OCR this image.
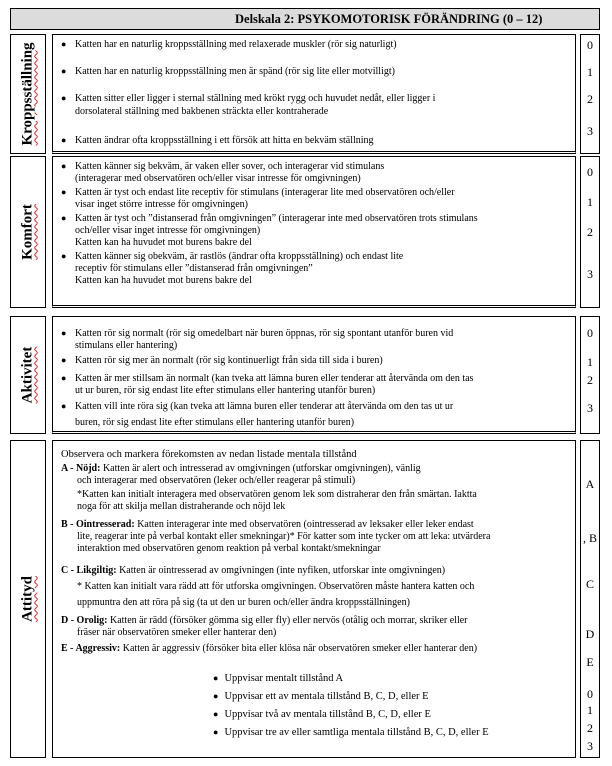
Delskala 2: PSYKOMOTORISK FÖRÄNDRING (0 – 12)
Kroppsställning	● Katten har en naturlig kroppsställning med relaxerade muskler (rör sig naturligt)
● Katten har en naturlig kroppsställning men är spänd (rör sig lite eller motvilligt)
● Katten sitter eller ligger i sternal ställning med krökt rygg och huvudet nedåt, eller ligger i
dorsolateral ställning med bakbenen sträckta eller kontraherade
● Katten ändrar ofta kroppsställning i ett försök att hitta en bekväm ställning
0
1
2
3
Komfort
● Katten känner sig bekväm, är vaken eller sover, och interagerar vid stimulans
(interagerar med observatören och/eller visar intresse för omgivningen)
● Katten är tyst och endast lite receptiv för stimulans (interagerar lite med observatören och/eller
visar inget större intresse för omgivningen)
● Katten är tyst och ”distanserad från omgivningen” (interagerar inte med observatören trots stimulans
och/eller visar inget intresse för omgivningen)
Katten kan ha huvudet mot burens bakre del
● Katten känner sig obekväm, är rastlös (ändrar ofta kroppsställning) och endast lite
receptiv för stimulans eller ”distanserad från omgivningen”
Katten kan ha huvudet mot burens bakre del
0
1
2
3
Aktivitet
● Katten rör sig normalt (rör sig omedelbart när buren öppnas, rör sig spontant utanför buren vid
stimulans eller hantering)
● Katten rör sig mer än normalt (rör sig kontinuerligt från sida till sida i buren)
● Katten är mer stillsam än normalt (kan tveka att lämna buren eller tenderar att återvända om den tas
ut ur buren, rör sig endast lite efter stimulans eller hantering utanför buren)
● Katten vill inte röra sig (kan tveka att lämna buren eller tenderar att återvända om den tas ut ur
buren, rör sig endast lite efter stimulans eller hantering utanför buren)
0
1
2
3
Attityd
Observera och markera förekomsten av nedan listade mentala tillstånd
A - Nöjd: Katten är alert och intresserad av omgivningen (utforskar omgivningen), vänlig
och interagerar med observatören (leker och/eller reagerar på stimuli)
*Katten kan initialt interagera med observatören genom lek som distraherar den från smärtan. Iaktta
noga för att skilja mellan distraherande och nöjd lek
B - Ointresserad: Katten interagerar inte med observatören (ointresserad av leksaker eller leker endast
lite, reagerar inte på verbal kontakt eller smekningar)* För katter som inte tycker om att leka: utvärdera
interaktion med observatören genom reaktion på verbal kontakt/smekningar
C - Likgiltig: Katten är ointresserad av omgivningen (inte nyfiken, utforskar inte omgivningen)
* Katten kan initialt vara rädd att för utforska omgivningen. Observatören måste hantera katten och
uppmuntra den att röra på sig (ta ut den ur buren och/eller ändra kroppsställningen)
D - Orolig: Katten är rädd (försöker gömma sig eller fly) eller nervös (otålig och morrar, skriker eller
fräser när observatören smeker eller hanterar den)
E - Aggressiv: Katten är aggressiv (försöker bita eller klösa när observatören smeker eller hanterar den)
● Uppvisar mentalt tillstånd A
● Uppvisar ett av mentala tillstånd B, C, D, eller E
● Uppvisar två av mentala tillstånd B, C, D, eller E
● Uppvisar tre av eller samtliga mentala tillstånd B, C, D, eller E
A
, B
C
D
E
0
1
2
3
